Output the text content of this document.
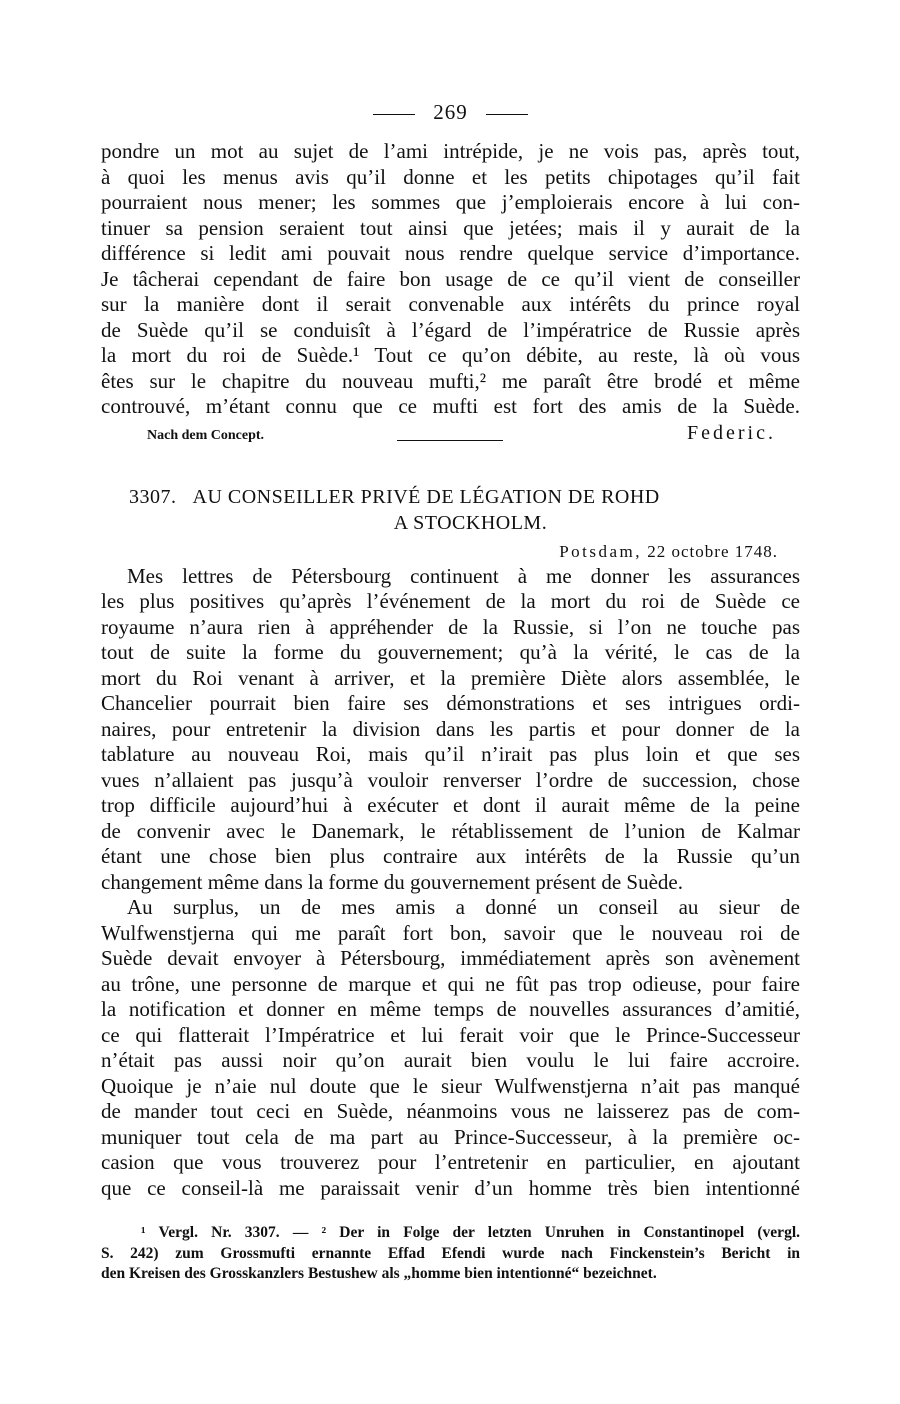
269
pondre un mot au sujet de l’ami intrépide, je ne vois pas, après tout,
à quoi les menus avis qu’il donne et les petits chipotages qu’il fait
pourraient nous mener; les sommes que j’emploierais encore à lui con-
tinuer sa pension seraient tout ainsi que jetées; mais il y aurait de la
différence si ledit ami pouvait nous rendre quelque service d’importance.
Je tâcherai cependant de faire bon usage de ce qu’il vient de conseiller
sur la manière dont il serait convenable aux intérêts du prince royal
de Suède qu’il se conduisît à l’égard de l’impératrice de Russie après
la mort du roi de Suède.¹ Tout ce qu’on débite, au reste, là où vous
êtes sur le chapitre du nouveau mufti,² me paraît être brodé et même
controuvé, m’étant connu que ce mufti est fort des amis de la Suède.
Nach dem Concept.	Federic.
3307. AU CONSEILLER PRIVÉ DE LÉGATION DE ROHD
A STOCKHOLM.
Potsdam, 22 octobre 1748.
Mes lettres de Pétersbourg continuent à me donner les assurances
les plus positives qu’après l’événement de la mort du roi de Suède ce
royaume n’aura rien à appréhender de la Russie, si l’on ne touche pas
tout de suite la forme du gouvernement; qu’à la vérité, le cas de la
mort du Roi venant à arriver, et la première Diète alors assemblée, le
Chancelier pourrait bien faire ses démonstrations et ses intrigues ordi-
naires, pour entretenir la division dans les partis et pour donner de la
tablature au nouveau Roi, mais qu’il n’irait pas plus loin et que ses
vues n’allaient pas jusqu’à vouloir renverser l’ordre de succession, chose
trop difficile aujourd’hui à exécuter et dont il aurait même de la peine
de convenir avec le Danemark, le rétablissement de l’union de Kalmar
étant une chose bien plus contraire aux intérêts de la Russie qu’un
changement même dans la forme du gouvernement présent de Suède.
Au surplus, un de mes amis a donné un conseil au sieur de
Wulfwenstjerna qui me paraît fort bon, savoir que le nouveau roi de
Suède devait envoyer à Pétersbourg, immédiatement après son avènement
au trône, une personne de marque et qui ne fût pas trop odieuse, pour faire
la notification et donner en même temps de nouvelles assurances d’amitié,
ce qui flatterait l’Impératrice et lui ferait voir que le Prince-Successeur
n’était pas aussi noir qu’on aurait bien voulu le lui faire accroire.
Quoique je n’aie nul doute que le sieur Wulfwenstjerna n’ait pas manqué
de mander tout ceci en Suède, néanmoins vous ne laisserez pas de com-
muniquer tout cela de ma part au Prince-Successeur, à la première oc-
casion que vous trouverez pour l’entretenir en particulier, en ajoutant
que ce conseil-là me paraissait venir d’un homme très bien intentionné
¹ Vergl. Nr. 3307. — ² Der in Folge der letzten Unruhen in Constantinopel (vergl.
S. 242) zum Grossmufti ernannte Effad Efendi wurde nach Finckenstein’s Bericht in
den Kreisen des Grosskanzlers Bestushew als „homme bien intentionné“ bezeichnet.
